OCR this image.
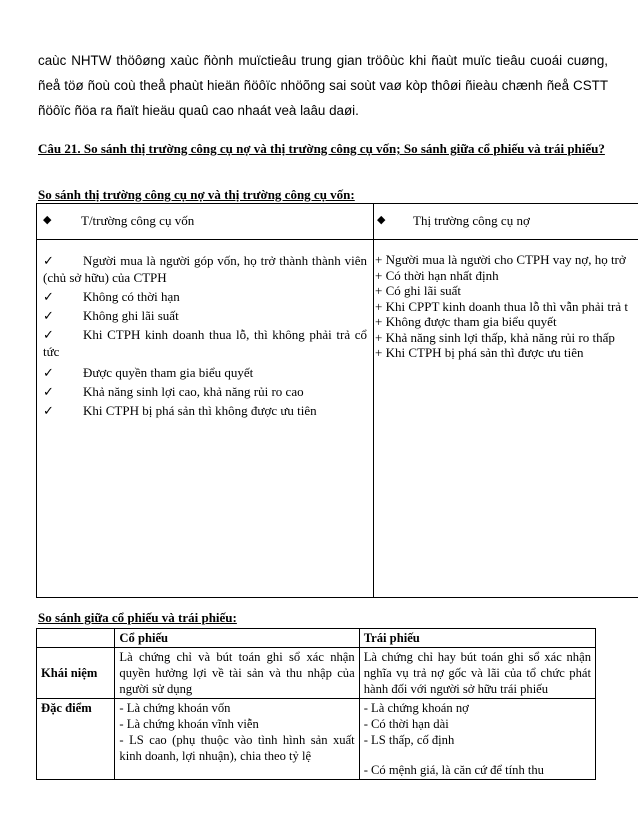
caùc NHTW thöôøng xaùc ñònh muïctieâu trung gian tröôùc khi ñaùt muïc tieâu cuoái cuøng, ñeå töø ñoù coù theå phaùt hieän ñöôïc nhöõng sai soùt vaø kòp thôøi ñieàu chænh ñeå CSTT ñöôïc ñöa ra ñaït hieäu quaû cao nhaát veà laâu daøi.
Câu 21. So sánh thị trường công cụ nợ và thị trường công cụ vốn; So sánh giữa cổ phiếu và trái phiếu?
So sánh thị trường công cụ nợ và thị trường công cụ vốn:
◆ T/trường công cụ vốn	◆ Thị trường công cụ nợ
✓ Người mua là người góp vốn, họ trở thành thành viên (chủ sở hữu) của CTPH
✓ Không có thời hạn
✓ Không ghi lãi suất
✓ Khi CTPH kinh doanh thua lỗ, thì không phải trả cổ tức
✓ Được quyền tham gia biểu quyết
✓ Khả năng sinh lợi cao, khả năng rủi ro cao
✓ Khi CTPH bị phá sản thì không được ưu tiên
+ Người mua là người cho CTPH vay nợ, họ trở
+ Có thời hạn nhất định
+ Có ghi lãi suất
+ Khi CPPT kinh doanh thua lỗ thì vẫn phải trả t
+ Không được tham gia biểu quyết
+ Khả năng sinh lợi thấp, khả năng rủi ro thấp
+ Khi CTPH bị phá sản thì được ưu tiên
So sánh giữa cổ phiếu và trái phiếu:
	Cổ phiếu	Trái phiếu
Khái niệm	Là chứng chỉ và bút toán ghi sổ xác nhận quyền hưởng lợi về tài sản và thu nhập của người sử dụng	Là chứng chỉ hay bút toán ghi sổ xác nhận nghĩa vụ trả nợ gốc và lãi của tổ chức phát hành đối với người sở hữu trái phiếu
Đặc điểm	- Là chứng khoán vốn
- Là chứng khoán vĩnh viễn
- LS cao (phụ thuộc vào tình hình sản xuất kinh doanh, lợi nhuận), chia theo tỷ lệ	- Là chứng khoán nợ
- Có thời hạn dài
- LS thấp, cố định
- Có mệnh giá, là căn cứ để tính thu
